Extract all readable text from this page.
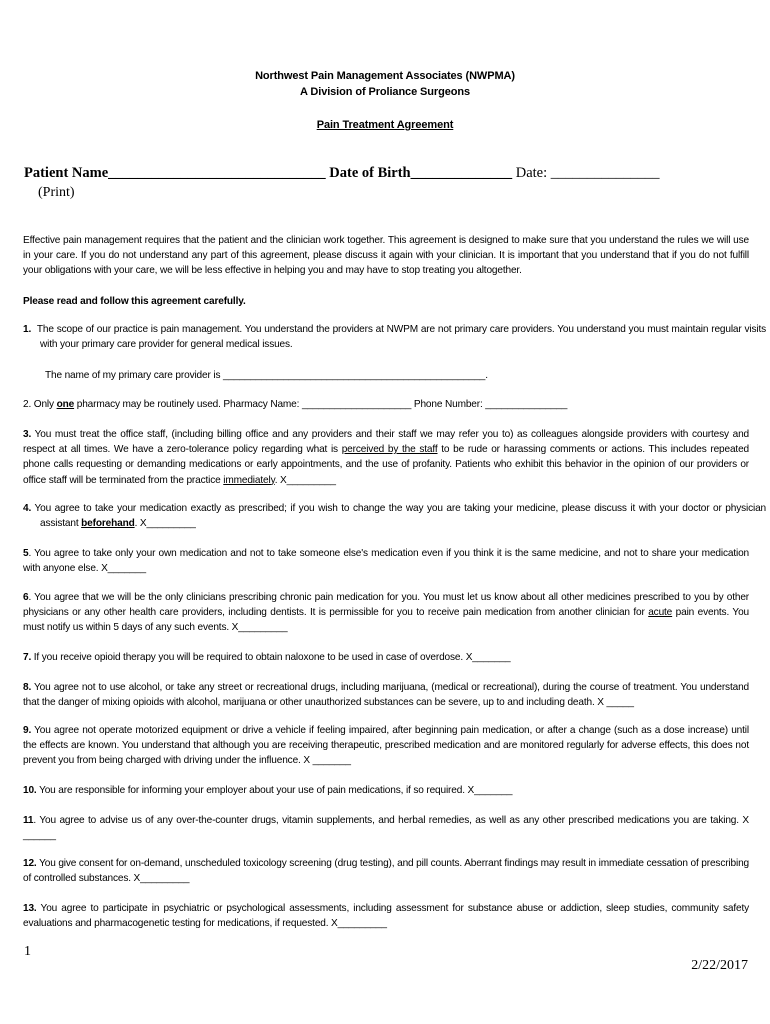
Northwest Pain Management Associates (NWPMA)
A Division of Proliance Surgeons
Pain Treatment Agreement
Patient Name______________________________ Date of Birth______________ Date: _______________
(Print)
Effective pain management requires that the patient and the clinician work together. This agreement is designed to make sure that you understand the rules we will use in your care. If you do not understand any part of this agreement, please discuss it again with your clinician. It is important that you understand that if you do not fulfill your obligations with your care, we will be less effective in helping you and may have to stop treating you altogether.
Please read and follow this agreement carefully.
1. The scope of our practice is pain management. You understand the providers at NWPM are not primary care providers. You understand you must maintain regular visits with your primary care provider for general medical issues.
The name of my primary care provider is ________________________________________________.
2. Only one pharmacy may be routinely used. Pharmacy Name: ____________________ Phone Number: _______________
3. You must treat the office staff, (including billing office and any providers and their staff we may refer you to) as colleagues alongside providers with courtesy and respect at all times. We have a zero-tolerance policy regarding what is perceived by the staff to be rude or harassing comments or actions. This includes repeated phone calls requesting or demanding medications or early appointments, and the use of profanity. Patients who exhibit this behavior in the opinion of our providers or office staff will be terminated from the practice immediately. X_________
4. You agree to take your medication exactly as prescribed; if you wish to change the way you are taking your medicine, please discuss it with your doctor or physician assistant beforehand. X_________
5. You agree to take only your own medication and not to take someone else's medication even if you think it is the same medicine, and not to share your medication with anyone else. X_______
6. You agree that we will be the only clinicians prescribing chronic pain medication for you. You must let us know about all other medicines prescribed to you by other physicians or any other health care providers, including dentists. It is permissible for you to receive pain medication from another clinician for acute pain events. You must notify us within 5 days of any such events. X_________
7. If you receive opioid therapy you will be required to obtain naloxone to be used in case of overdose. X_______
8. You agree not to use alcohol, or take any street or recreational drugs, including marijuana, (medical or recreational), during the course of treatment. You understand that the danger of mixing opioids with alcohol, marijuana or other unauthorized substances can be severe, up to and including death. X _____
9. You agree not operate motorized equipment or drive a vehicle if feeling impaired, after beginning pain medication, or after a change (such as a dose increase) until the effects are known. You understand that although you are receiving therapeutic, prescribed medication and are monitored regularly for adverse effects, this does not prevent you from being charged with driving under the influence. X _______
10. You are responsible for informing your employer about your use of pain medications, if so required. X_______
11. You agree to advise us of any over-the-counter drugs, vitamin supplements, and herbal remedies, as well as any other prescribed medications you are taking. X ______
12. You give consent for on-demand, unscheduled toxicology screening (drug testing), and pill counts. Aberrant findings may result in immediate cessation of prescribing of controlled substances. X_________
13. You agree to participate in psychiatric or psychological assessments, including assessment for substance abuse or addiction, sleep studies, community safety evaluations and pharmacogenetic testing for medications, if requested. X_________
1
2/22/2017
